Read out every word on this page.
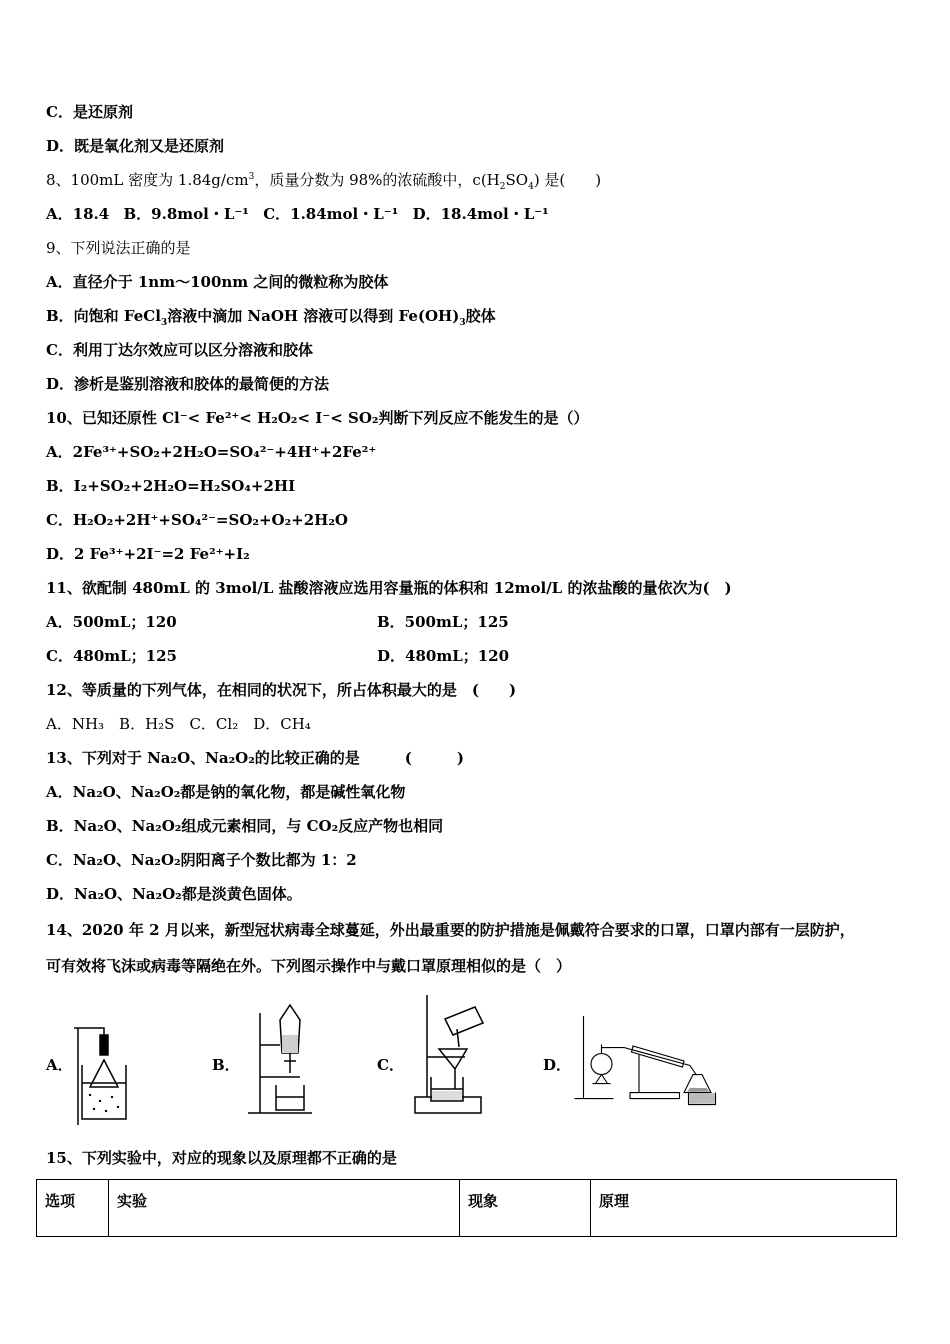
C．是还原剂
D．既是氧化剂又是还原剂
8、100mL 密度为 $1.84g/cm^3$，质量分数为 98%的浓硫酸中，$c(H_2SO_4)$ 是(　　)
A．18.4 B．9.8mol・L⁻¹ C．1.84mol・L⁻¹ D．18.4mol・L⁻¹
9、下列说法正确的是
A．直径介于 1nm～100nm 之间的微粒称为胶体
B．向饱和 FeCl$_3$溶液中滴加 NaOH 溶液可以得到 $Fe(OH)_3$胶体
C．利用丁达尔效应可以区分溶液和胶体
D．渗析是鉴别溶液和胶体的最简便的方法
10、已知还原性 Cl⁻< Fe²⁺< H₂O₂< I⁻< SO₂判断下列反应不能发生的是（）
A．2Fe³⁺+SO₂+2H₂O=SO₄²⁻+4H⁺+2Fe²⁺
B．I₂+SO₂+2H₂O=H₂SO₄+2HI
C．H₂O₂+2H⁺+SO₄²⁻=SO₂+O₂+2H₂O
D．2 Fe³⁺+2I⁻=2 Fe²⁺+I₂
11、欲配制 480mL 的 3mol/L 盐酸溶液应选用容量瓶的体积和 12mol/L 的浓盐酸的量依次为(　)
A．500mL；120	B．500mL；125
C．480mL；125	D．480mL；120
12、等质量的下列气体，在相同的状况下，所占体积最大的是　(　　)
A．NH₃　B．H₂S　C．Cl₂　D．CH₄
13、下列对于 Na₂O、Na₂O₂的比较正确的是　　　(　　　)
A．Na₂O、Na₂O₂都是钠的氧化物，都是碱性氧化物
B．Na₂O、Na₂O₂组成元素相同，与 CO₂反应产物也相同
C．Na₂O、Na₂O₂阴阳离子个数比都为 1：2
D．Na₂O、Na₂O₂都是淡黄色固体。
14、2020 年 2 月以来，新型冠状病毒全球蔓延，外出最重要的防护措施是佩戴符合要求的口罩，口罩内部有一层防护，
可有效将飞沫或病毒等隔绝在外。下列图示操作中与戴口罩原理相似的是（　）
A．	B．	C．	D．
15、下列实验中，对应的现象以及原理都不正确的是
选项	实验	现象	原理
